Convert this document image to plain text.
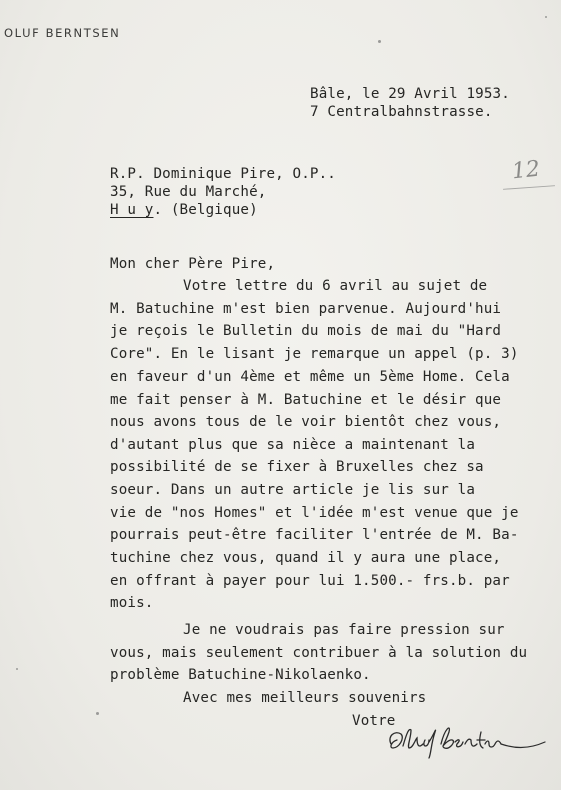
OLUF BERNTSEN
Bâle, le 29 Avril 1953.
7 Centralbahnstrasse.
12
R.P. Dominique Pire, O.P..
35, Rue du Marché,
H u y. (Belgique)
Mon cher Père Pire,
Votre lettre du 6 avril au sujet de
M. Batuchine m'est bien parvenue. Aujourd'hui
je reçois le Bulletin du mois de mai du "Hard
Core". En le lisant je remarque un appel (p. 3)
en faveur d'un 4ème et même un 5ème Home. Cela
me fait penser à M. Batuchine et le désir que
nous avons tous de le voir bientôt chez vous,
d'autant plus que sa nièce a maintenant la
possibilité de se fixer à Bruxelles chez sa
soeur. Dans un autre article je lis sur la
vie de "nos Homes" et l'idée m'est venue que je
pourrais peut-être faciliter l'entrée de M. Ba-
tuchine chez vous, quand il y aura une place,
en offrant à payer pour lui 1.500.- frs.b. par
mois.
Je ne voudrais pas faire pression sur
vous, mais seulement contribuer à la solution du
problème Batuchine-Nikolaenko.
Avec mes meilleurs souvenirs
Votre
